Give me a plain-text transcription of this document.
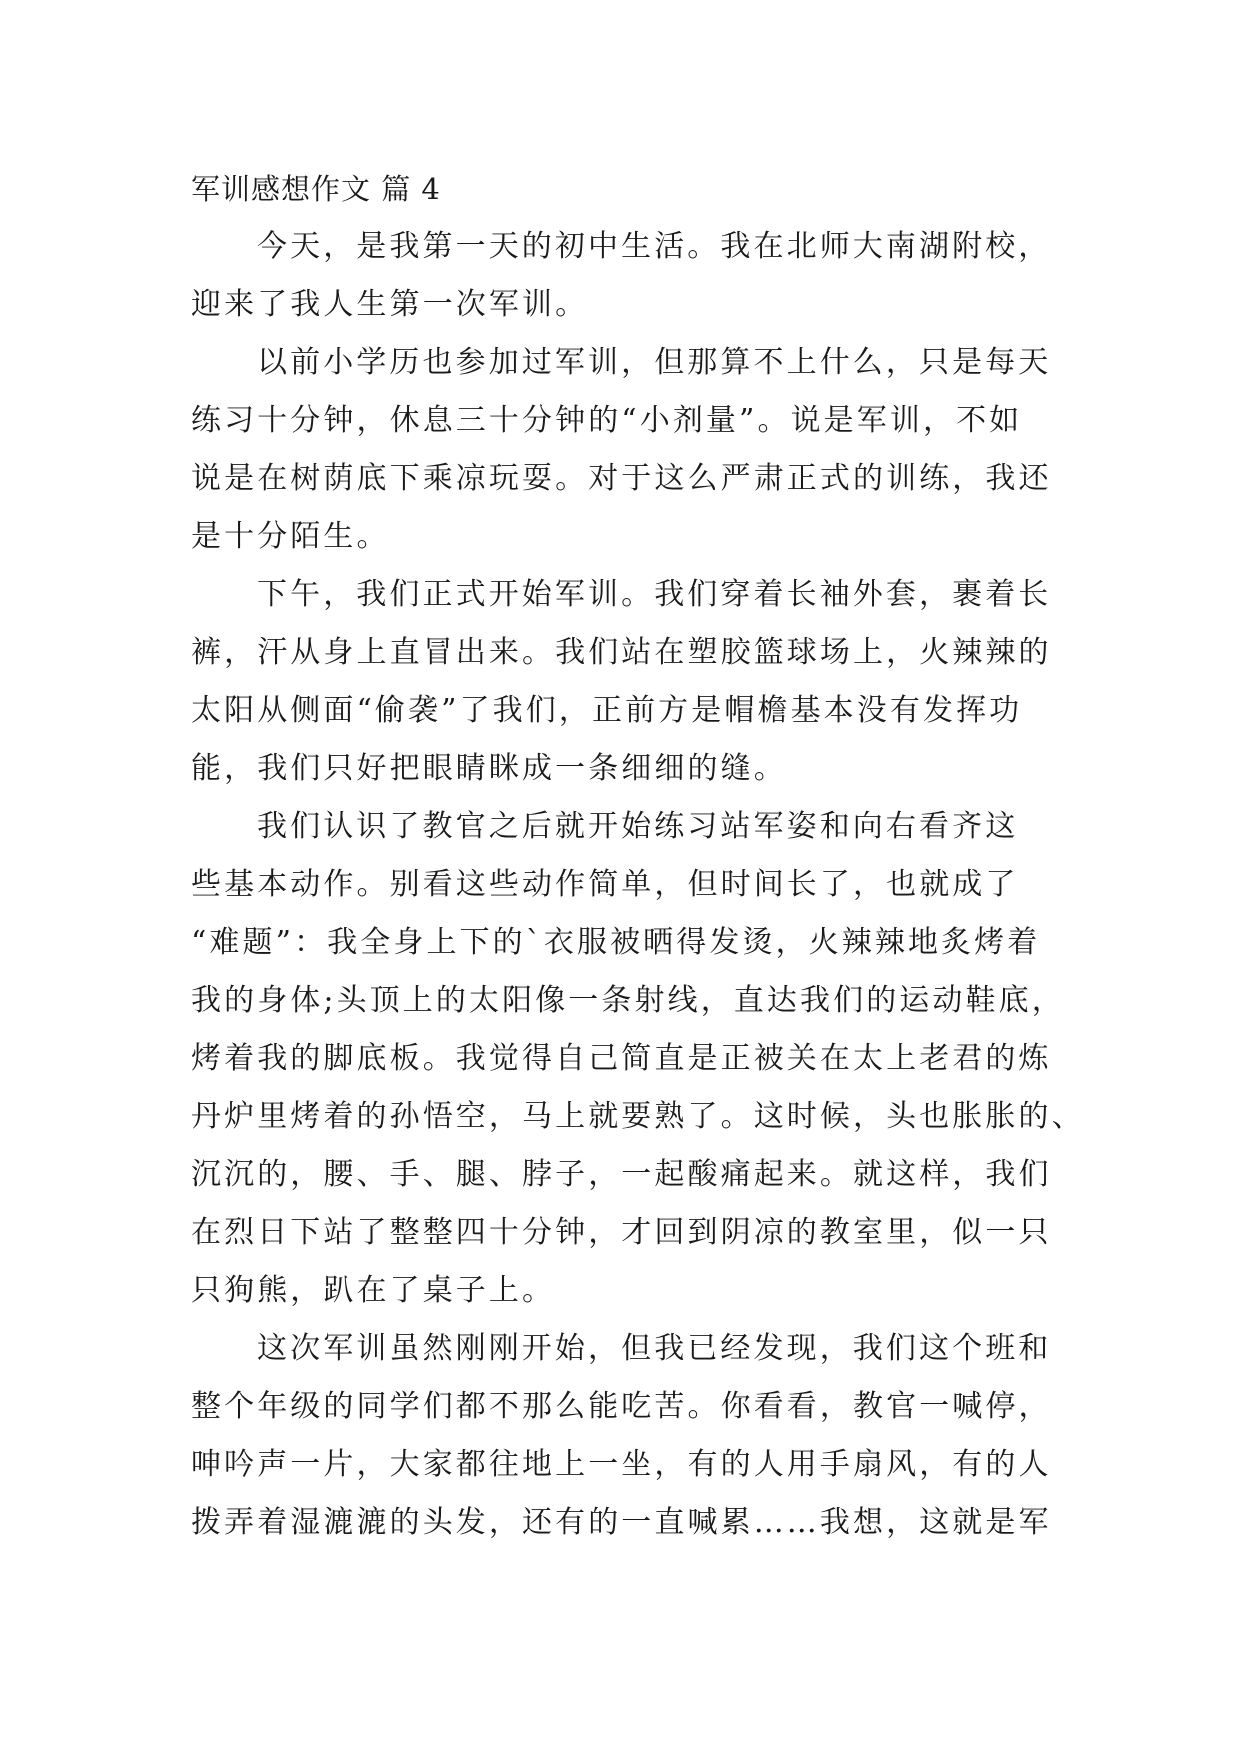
军训感想作文 篇 4
今天，是我第一天的初中生活。我在北师大南湖附校，
迎来了我人生第一次军训。
以前小学历也参加过军训，但那算不上什么，只是每天
练习十分钟，休息三十分钟的“小剂量”。说是军训，不如
说是在树荫底下乘凉玩耍。对于这么严肃正式的训练，我还
是十分陌生。
下午，我们正式开始军训。我们穿着长袖外套，裹着长
裤，汗从身上直冒出来。我们站在塑胶篮球场上，火辣辣的
太阳从侧面“偷袭”了我们，正前方是帽檐基本没有发挥功
能，我们只好把眼睛眯成一条细细的缝。
我们认识了教官之后就开始练习站军姿和向右看齐这
些基本动作。别看这些动作简单，但时间长了，也就成了
“难题”：我全身上下的`衣服被晒得发烫，火辣辣地炙烤着
我的身体;头顶上的太阳像一条射线，直达我们的运动鞋底，
烤着我的脚底板。我觉得自己简直是正被关在太上老君的炼
丹炉里烤着的孙悟空，马上就要熟了。这时候，头也胀胀的、
沉沉的，腰、手、腿、脖子，一起酸痛起来。就这样，我们
在烈日下站了整整四十分钟，才回到阴凉的教室里，似一只
只狗熊，趴在了桌子上。
这次军训虽然刚刚开始，但我已经发现，我们这个班和
整个年级的同学们都不那么能吃苦。你看看，教官一喊停，
呻吟声一片，大家都往地上一坐，有的人用手扇风，有的人
拨弄着湿漉漉的头发，还有的一直喊累……我想，这就是军
